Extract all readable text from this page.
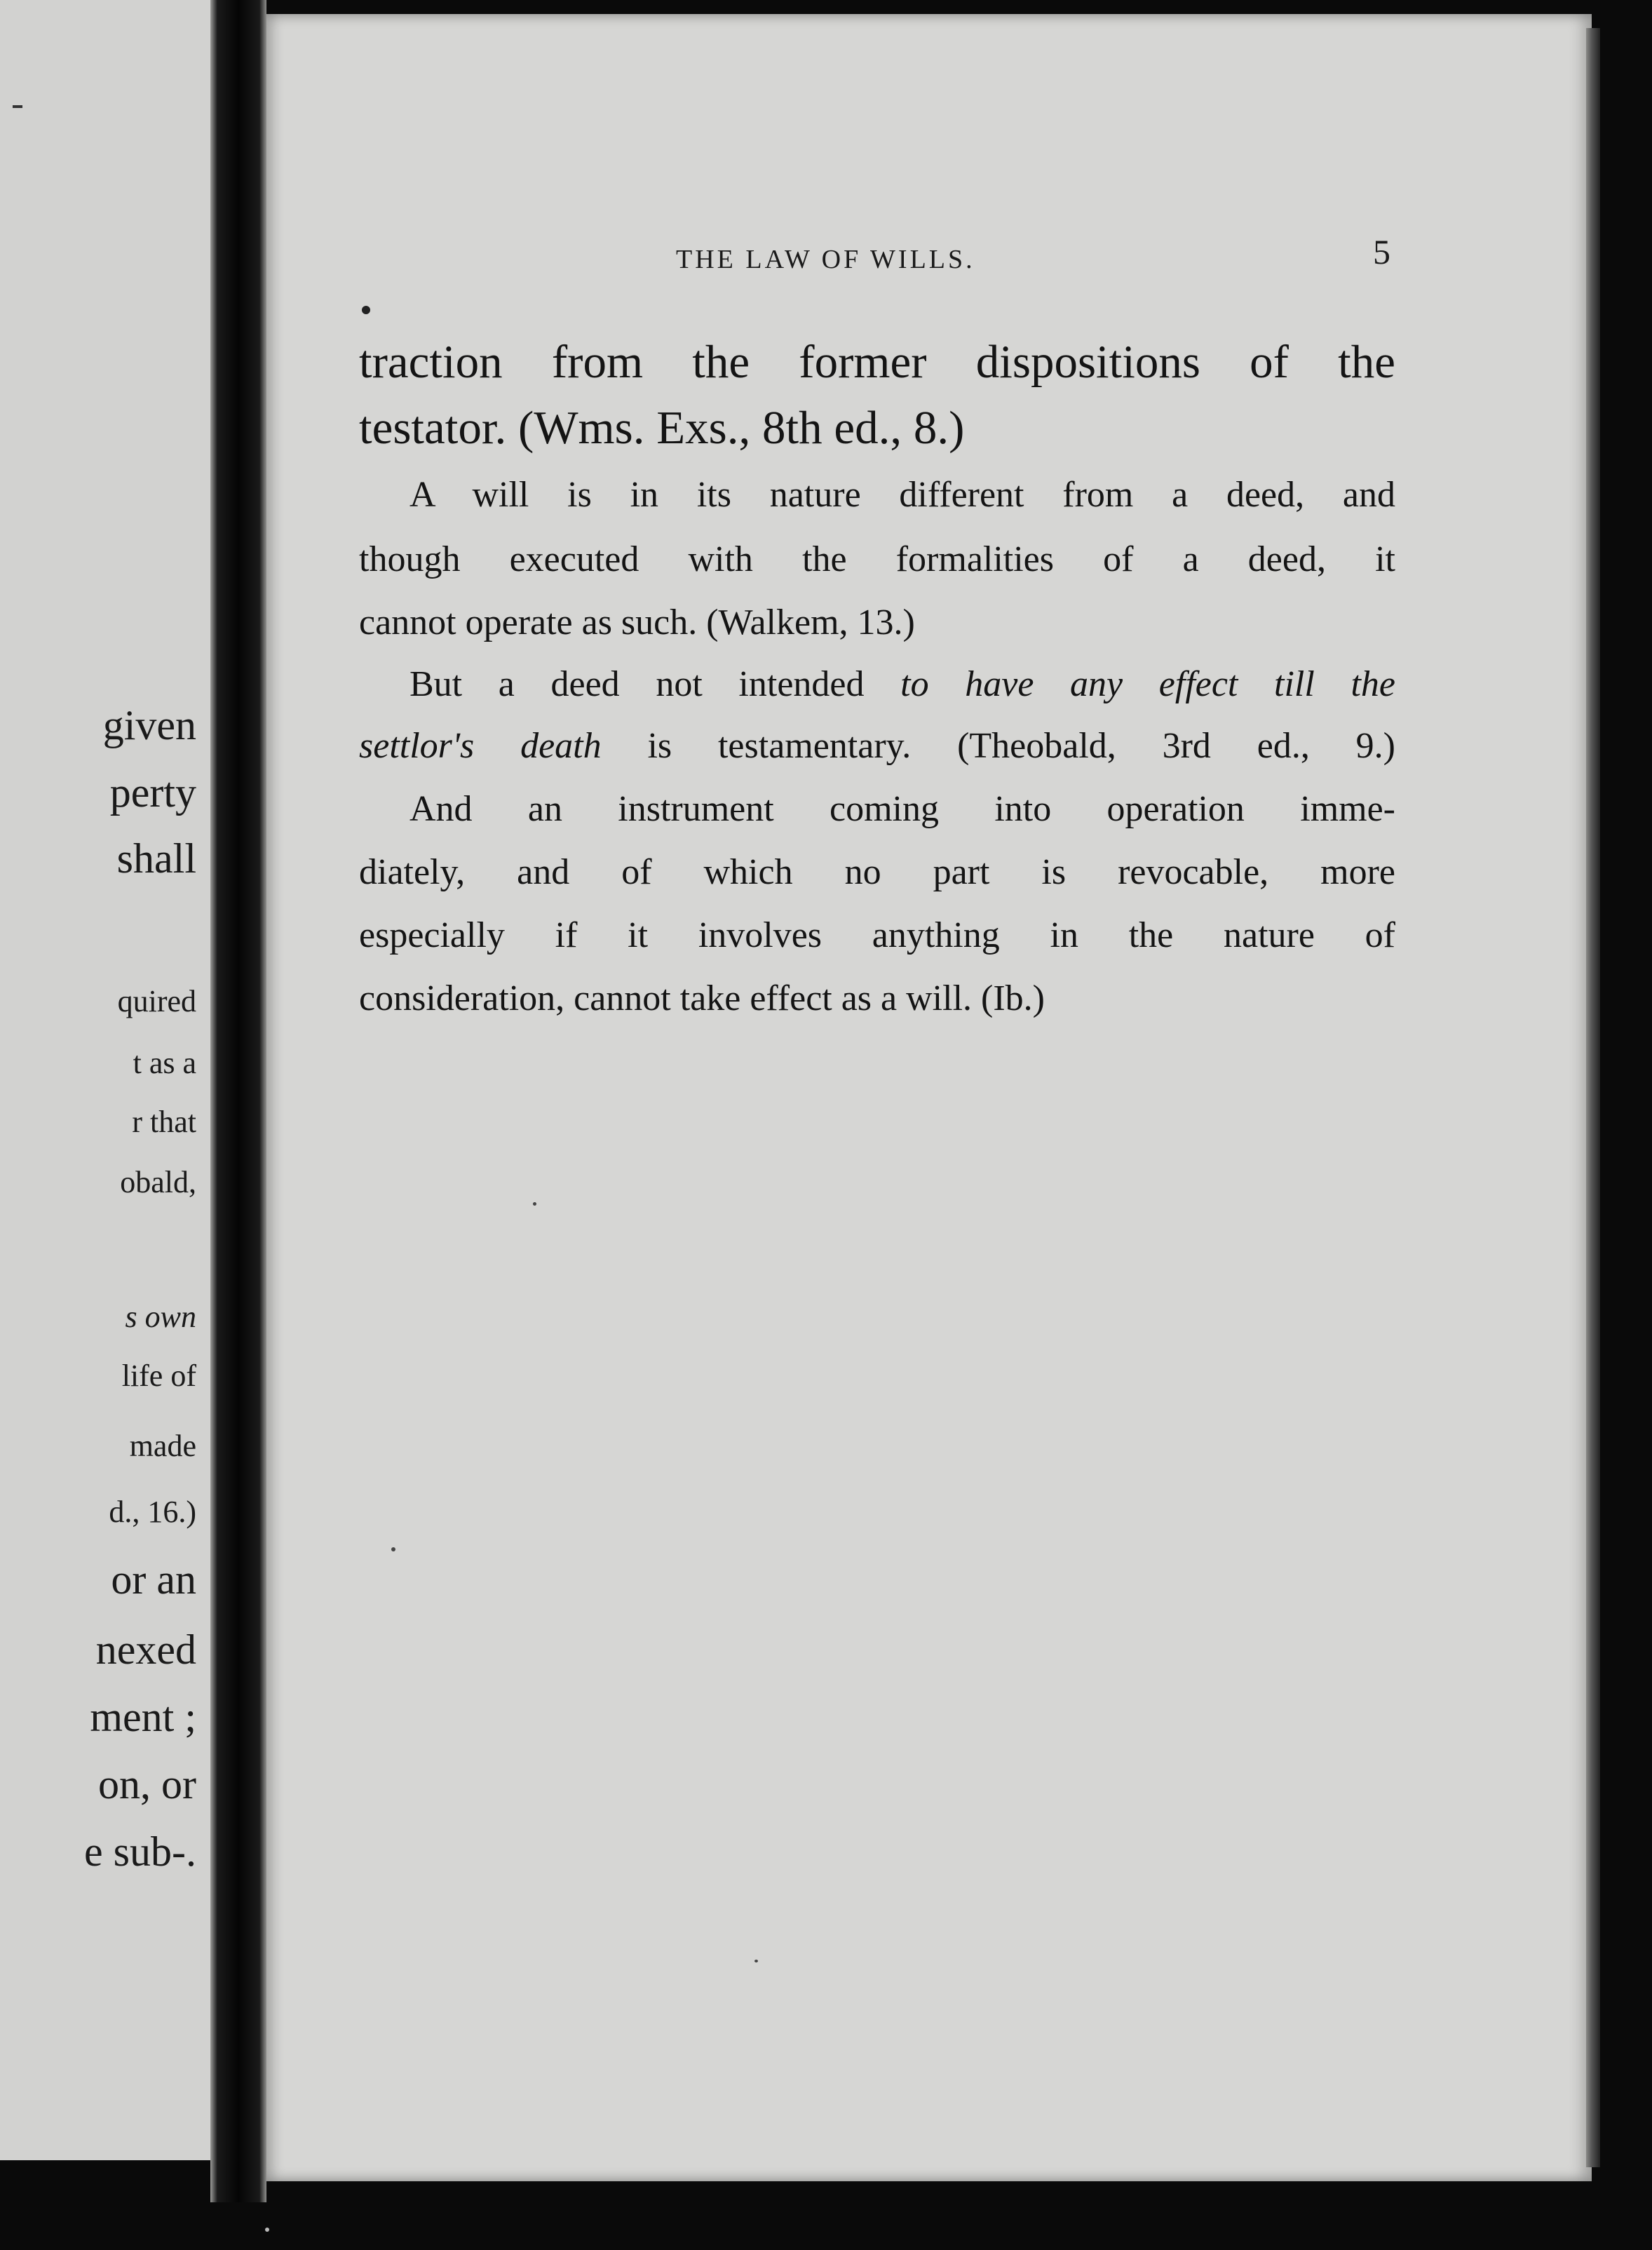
given
perty
shall
quired
t as a
r that
obald,
s own
life of
made
d., 16.)
or an
nexed
ment ;
on, or
e sub-.
THE LAW OF WILLS.	5
traction from the former dispositions of the
testator. (Wms. Exs., 8th ed., 8.)
A will is in its nature different from a deed, and
though executed with the formalities of a deed, it
cannot operate as such. (Walkem, 13.)
But a deed not intended to have any effect till the
settlor's death is testamentary. (Theobald, 3rd ed., 9.)
And an instrument coming into operation imme-
diately, and of which no part is revocable, more
especially if it involves anything in the nature of
consideration, cannot take effect as a will. (Ib.)
